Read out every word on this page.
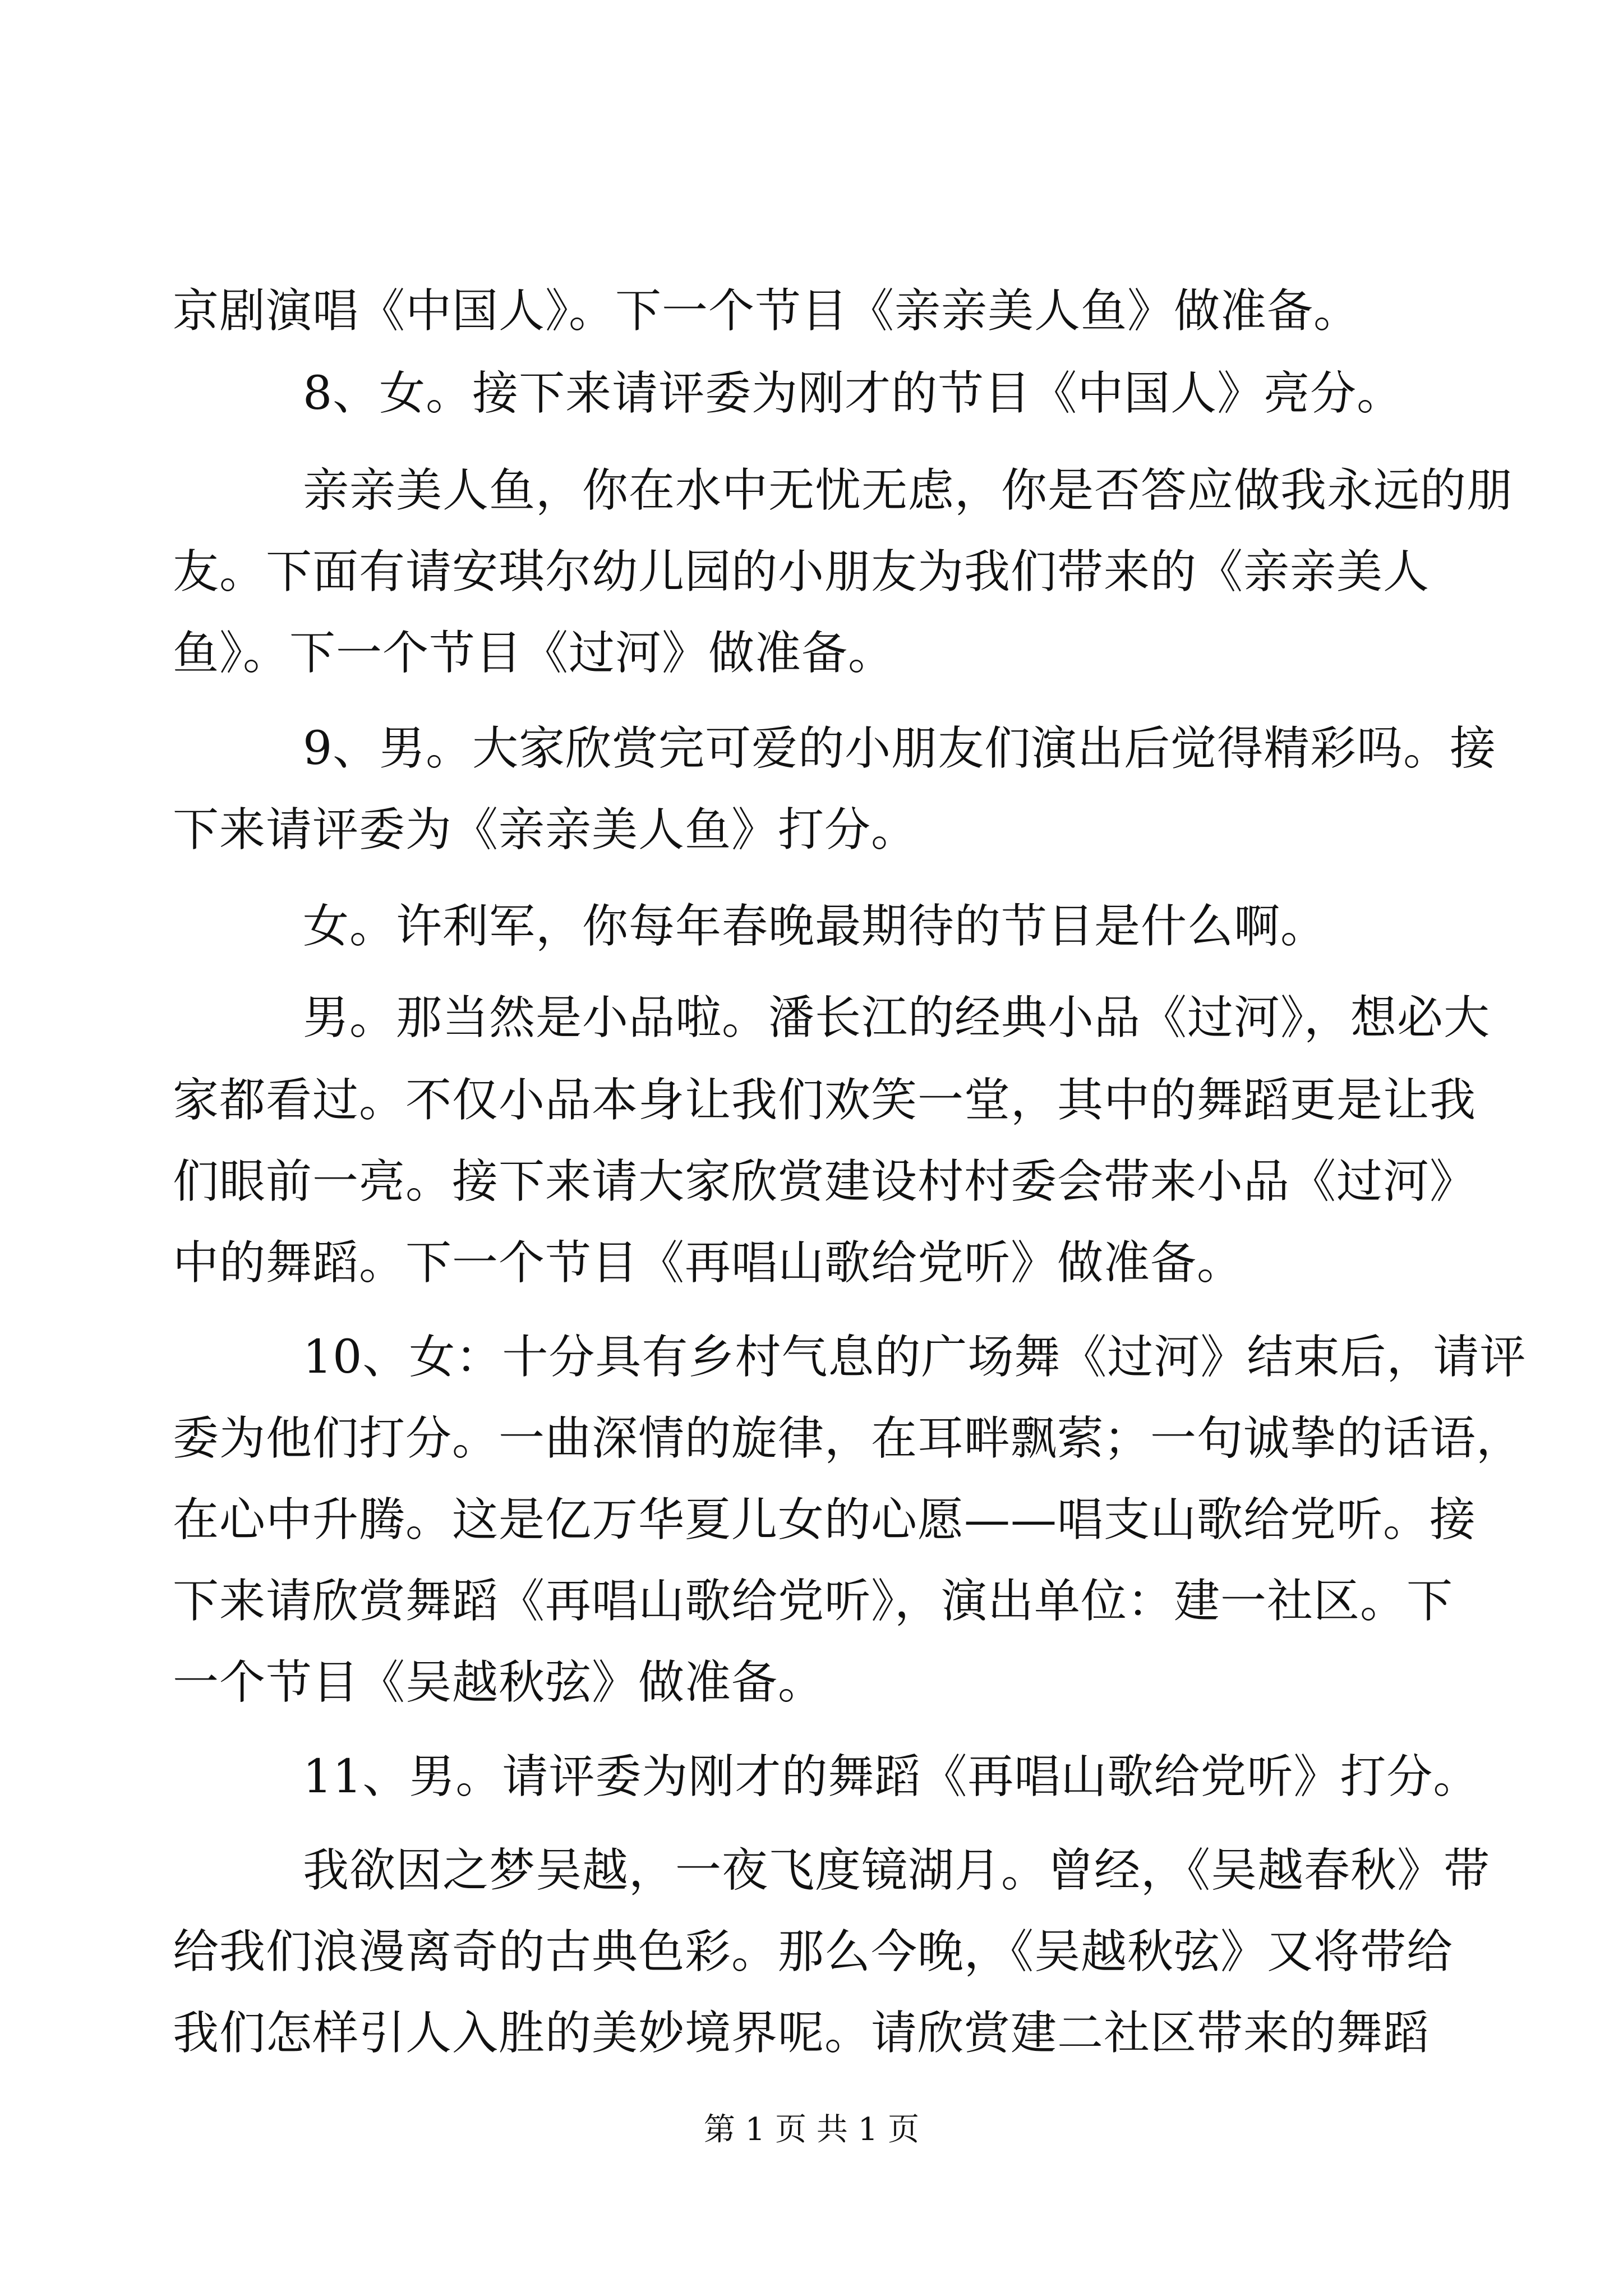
京剧演唱《中国人》。下一个节目《亲亲美人鱼》做准备。
8、女。接下来请评委为刚才的节目《中国人》亮分。
亲亲美人鱼，你在水中无忧无虑，你是否答应做我永远的朋
友。下面有请安琪尔幼儿园的小朋友为我们带来的《亲亲美人
鱼》。下一个节目《过河》做准备。
9、男。大家欣赏完可爱的小朋友们演出后觉得精彩吗。接
下来请评委为《亲亲美人鱼》打分。
女。许利军，你每年春晚最期待的节目是什么啊。
男。那当然是小品啦。潘长江的经典小品《过河》，想必大
家都看过。不仅小品本身让我们欢笑一堂，其中的舞蹈更是让我
们眼前一亮。接下来请大家欣赏建设村村委会带来小品《过河》
中的舞蹈。下一个节目《再唱山歌给党听》做准备。
10、女：十分具有乡村气息的广场舞《过河》结束后，请评
委为他们打分。一曲深情的旋律，在耳畔飘萦；一句诚挚的话语，
在心中升腾。这是亿万华夏儿女的心愿——唱支山歌给党听。接
下来请欣赏舞蹈《再唱山歌给党听》，演出单位：建一社区。下
一个节目《吴越秋弦》做准备。
11、男。请评委为刚才的舞蹈《再唱山歌给党听》打分。
我欲因之梦吴越，一夜飞度镜湖月。曾经，《吴越春秋》带
给我们浪漫离奇的古典色彩。那么今晚，《吴越秋弦》又将带给
我们怎样引人入胜的美妙境界呢。请欣赏建二社区带来的舞蹈
第 1 页 共 1 页
